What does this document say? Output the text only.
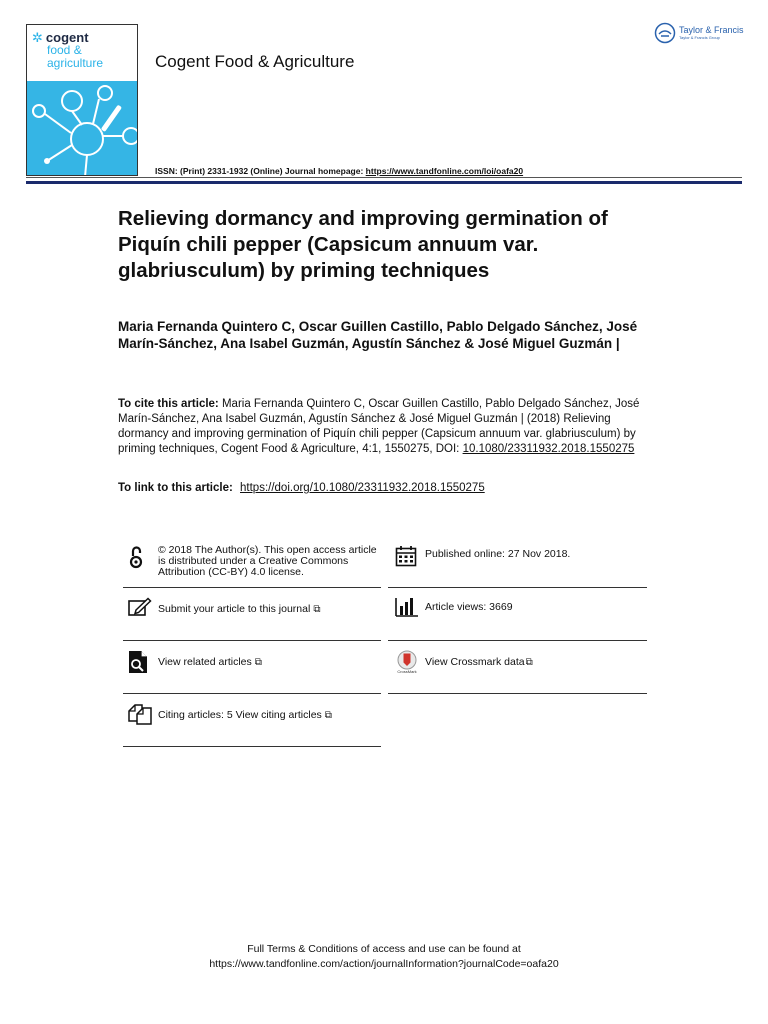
✲ cogent
food &
agriculture	Cogent Food & Agriculture
Taylor & Francis
Taylor & Francis Group
ISSN: (Print) 2331-1932 (Online) Journal homepage: https://www.tandfonline.com/loi/oafa20
Relieving dormancy and improving germination of Piquín chili pepper (Capsicum annuum var. glabriusculum) by priming techniques
Maria Fernanda Quintero C, Oscar Guillen Castillo, Pablo Delgado Sánchez, José Marín-Sánchez, Ana Isabel Guzmán, Agustín Sánchez & José Miguel Guzmán |
To cite this article: Maria Fernanda Quintero C, Oscar Guillen Castillo, Pablo Delgado Sánchez, José Marín-Sánchez, Ana Isabel Guzmán, Agustín Sánchez & José Miguel Guzmán | (2018) Relieving dormancy and improving germination of Piquín chili pepper (Capsicum annuum var. glabriusculum) by priming techniques, Cogent Food & Agriculture, 4:1, 1550275, DOI: 10.1080/23311932.2018.1550275
To link to this article: https://doi.org/10.1080/23311932.2018.1550275
© 2018 The Author(s). This open access article is distributed under a Creative Commons Attribution (CC-BY) 4.0 license.
Published online: 27 Nov 2018.
Submit your article to this journal ⧉	Article views: 3669
View related articles ⧉
CrossMark
View Crossmark data⧉
Citing articles: 5 View citing articles ⧉
Full Terms & Conditions of access and use can be found at
https://www.tandfonline.com/action/journalInformation?journalCode=oafa20
